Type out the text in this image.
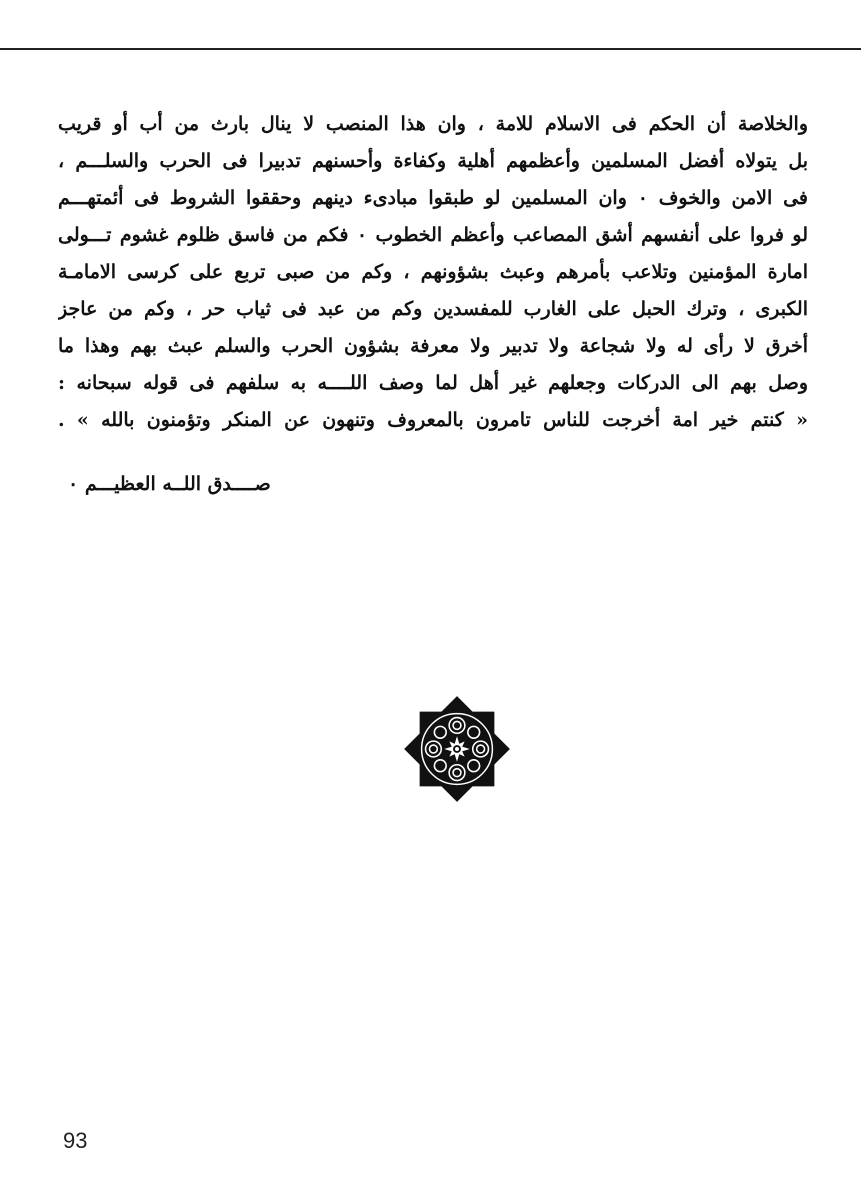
والخلاصة أن الحكم فى الاسلام للامة ، وان هذا المنصب لا ينال بارث من أب أو قريب
بل يتولاه أفضل المسلمين وأعظمهم أهلية وكفاءة وأحسنهم تدبيرا فى الحرب والسلـــم ،
فى الامن والخوف ٠ وان المسلمين لو طبقوا مبادىء دينهم وحققوا الشروط فى أئمتهـــم
لو فروا على أنفسهم أشق المصاعب وأعظم الخطوب ٠ فكم من فاسق ظلوم غشوم تـــولى
امارة المؤمنين وتلاعب بأمرهم وعبث بشؤونهم ، وكم من صبى تربع على كرسى الامامـة
الكبرى ، وترك الحبل على الغارب للمفسدين وكم من عبد فى ثياب حر ، وكم من عاجز
أخرق لا رأى له ولا شجاعة ولا تدبير ولا معرفة بشؤون الحرب والسلم عبث بهم وهذا ما
وصل بهم الى الدركات وجعلهم غير أهل لما وصف اللــــه به سلفهم فى قوله سبحانه :
« كنتم خير امة أخرجت للناس تامرون بالمعروف وتنهون عن المنكر وتؤمنون بالله » .
صــــدق اللــه العظيـــم ٠
93
